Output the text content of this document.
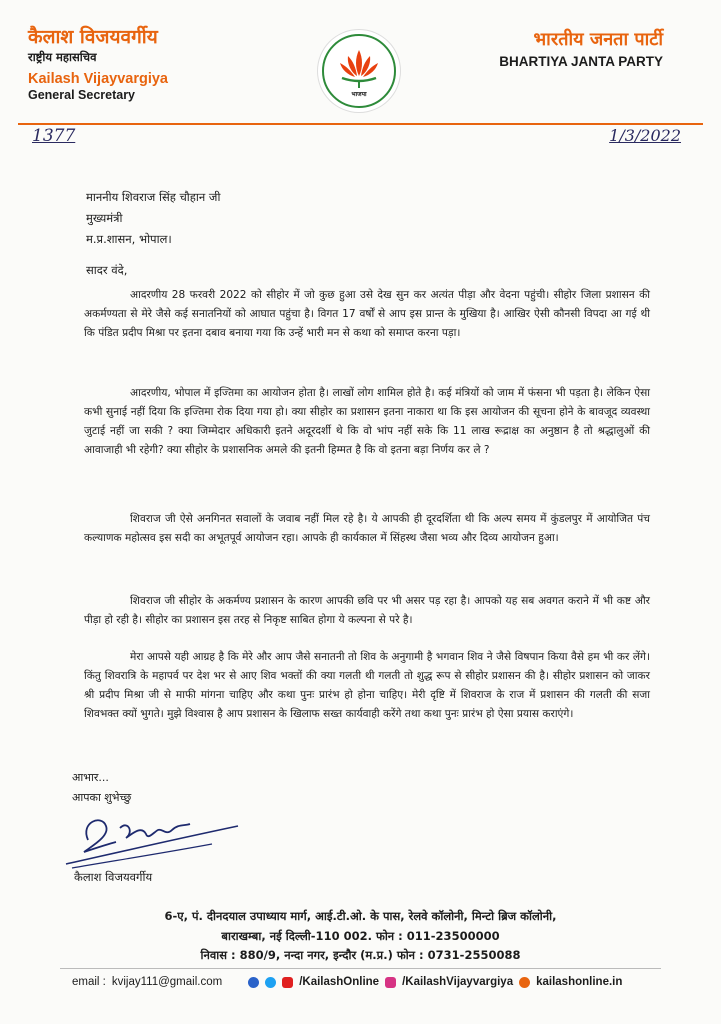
कैलाश विजयवर्गीय
राष्ट्रीय महासचिव
Kailash Vijayvargiya
General Secretary	भाजपा
भारतीय जनता पार्टी
BHARTIYA JANTA PARTY
1377	1/3/2022
माननीय शिवराज सिंह चौहान जी
मुख्यमंत्री
म.प्र.शासन, भोपाल।
सादर वंदे,

आदरणीय 28 फरवरी 2022 को सीहोर में जो कुछ हुआ उसे देख सुन कर अत्यंत पीड़ा और वेदना पहुंची। सीहोर जिला प्रशासन की अकर्मण्यता से मेरे जैसे कई सनातनियों को आघात पहुंचा है। विगत 17 वर्षों से आप इस प्रान्त के मुखिया है। आखिर ऐसी कौनसी विपदा आ गई थी कि पंडित प्रदीप मिश्रा पर इतना दबाव बनाया गया कि उन्हें भारी मन से कथा को समाप्त करना पड़ा।

आदरणीय, भोपाल में इज्तिमा का आयोजन होता है। लाखों लोग शामिल होते है। कई मंत्रियों को जाम में फंसना भी पड़ता है। लेकिन ऐसा कभी सुनाई नहीं दिया कि इज्तिमा रोक दिया गया हो। क्या सीहोर का प्रशासन इतना नाकारा था कि इस आयोजन की सूचना होने के बावजूद व्यवस्था जुटाई नहीं जा सकी ? क्या जिम्मेदार अधिकारी इतने अदूरदर्शी थे कि वो भांप नहीं सके कि 11 लाख रूद्राक्ष का अनुष्ठान है तो श्रद्धालुओं की आवाजाही भी रहेगी? क्या सीहोर के प्रशासनिक अमले की इतनी हिम्मत है कि वो इतना बड़ा निर्णय कर ले ?

शिवराज जी ऐसे अनगिनत सवालों के जवाब नहीं मिल रहे है। ये आपकी ही दूरदर्शिता थी कि अल्प समय में कुंडलपुर में आयोजित पंच कल्याणक महोत्सव इस सदी का अभूतपूर्व आयोजन रहा। आपके ही कार्यकाल में सिंहस्थ जैसा भव्य और दिव्य आयोजन हुआ।

शिवराज जी सीहोर के अकर्मण्य प्रशासन के कारण आपकी छवि पर भी असर पड़ रहा है। आपको यह सब अवगत कराने में भी कष्ट और पीड़ा हो रही है। सीहोर का प्रशासन इस तरह से निकृष्ट साबित होगा ये कल्पना से परे है।

मेरा आपसे यही आग्रह है कि मेरे और आप जैसे सनातनी तो शिव के अनुगामी है भगवान शिव ने जैसे विषपान किया वैसे हम भी कर लेंगे। किंतु शिवरात्रि के महापर्व पर देश भर से आए शिव भक्तों की क्या गलती थी गलती तो शुद्ध रूप से सीहोर प्रशासन की है। सीहोर प्रशासन को जाकर श्री प्रदीप मिश्रा जी से माफी मांगना चाहिए और कथा पुनः प्रारंभ हो होना चाहिए। मेरी दृष्टि में शिवराज के राज में प्रशासन की गलती की सजा शिवभक्त क्यों भुगते। मुझे विश्वास है आप प्रशासन के खिलाफ सख्त कार्यवाही करेंगे तथा कथा पुनः प्रारंभ हो ऐसा प्रयास कराएंगे।

आभार...
आपका शुभेच्छु
कैलाश विजयवर्गीय
6-ए, पं. दीनदयाल उपाध्याय मार्ग, आई.टी.ओ. के पास, रेलवे कॉलोनी, मिन्टो ब्रिज कॉलोनी,
बाराखम्बा, नई दिल्ली-110 002. फोन : 011-23500000
निवास : 880/9, नन्दा नगर, इन्दौर (म.प्र.) फोन : 0731-2550088
email : kvijay111@gmail.com	/KailashOnline /KailashVijayvargiya kailashonline.in
